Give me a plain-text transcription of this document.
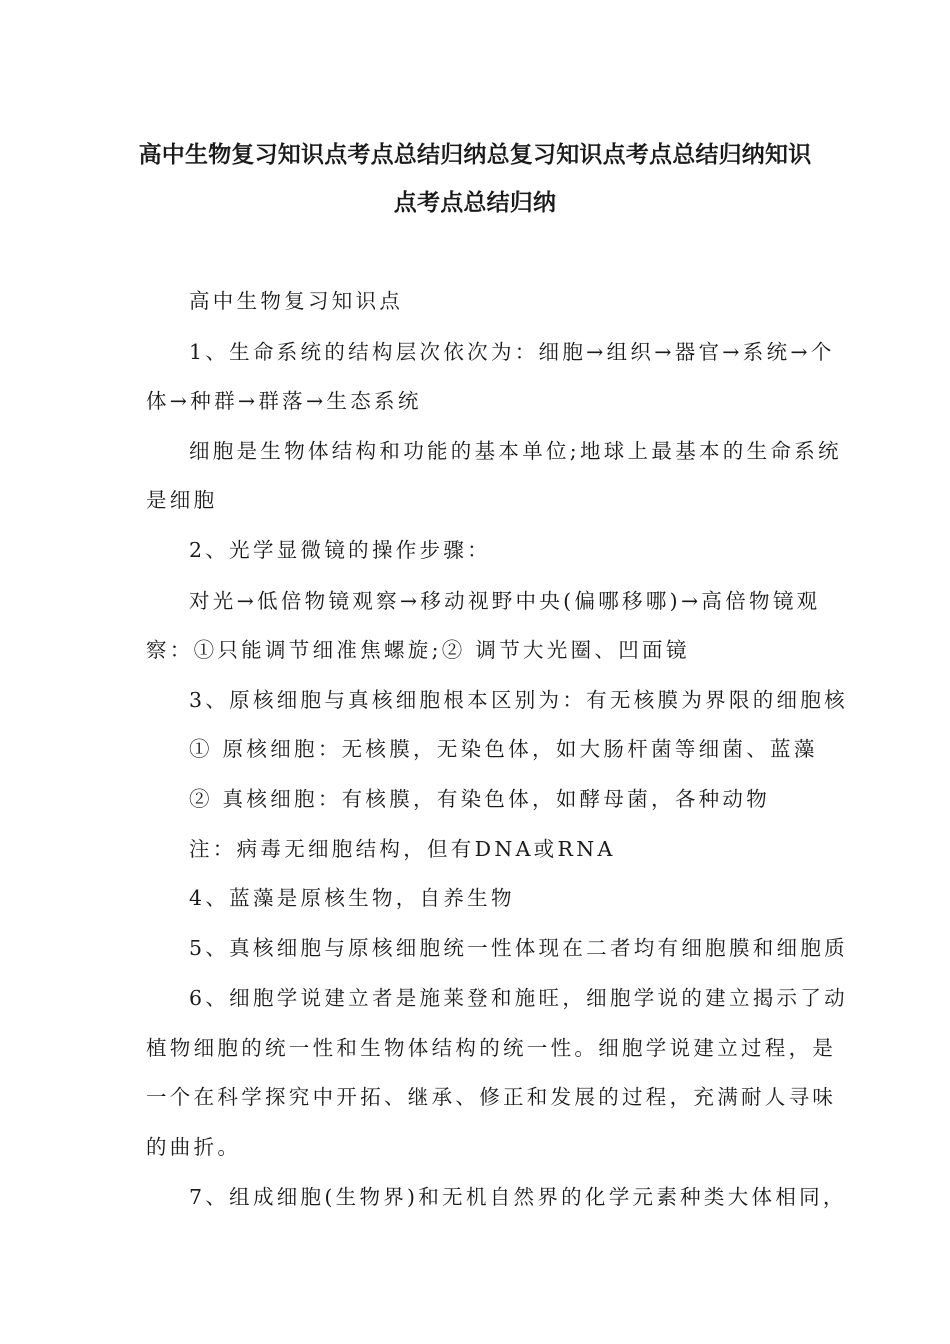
高中生物复习知识点考点总结归纳总复习知识点考点总结归纳知识
点考点总结归纳
高中生物复习知识点
1、生命系统的结构层次依次为：细胞→组织→器官→系统→个
体→种群→群落→生态系统
细胞是生物体结构和功能的基本单位;地球上最基本的生命系统
是细胞
2、光学显微镜的操作步骤：
对光→低倍物镜观察→移动视野中央(偏哪移哪)→高倍物镜观
察：①只能调节细准焦螺旋;② 调节大光圈、凹面镜
3、原核细胞与真核细胞根本区别为：有无核膜为界限的细胞核
① 原核细胞：无核膜，无染色体，如大肠杆菌等细菌、蓝藻
② 真核细胞：有核膜，有染色体，如酵母菌，各种动物
注：病毒无细胞结构，但有DNA或RNA
4、蓝藻是原核生物，自养生物
5、真核细胞与原核细胞统一性体现在二者均有细胞膜和细胞质
6、细胞学说建立者是施莱登和施旺，细胞学说的建立揭示了动
植物细胞的统一性和生物体结构的统一性。细胞学说建立过程，是
一个在科学探究中开拓、继承、修正和发展的过程，充满耐人寻味
的曲折。
7、组成细胞(生物界)和无机自然界的化学元素种类大体相同，
